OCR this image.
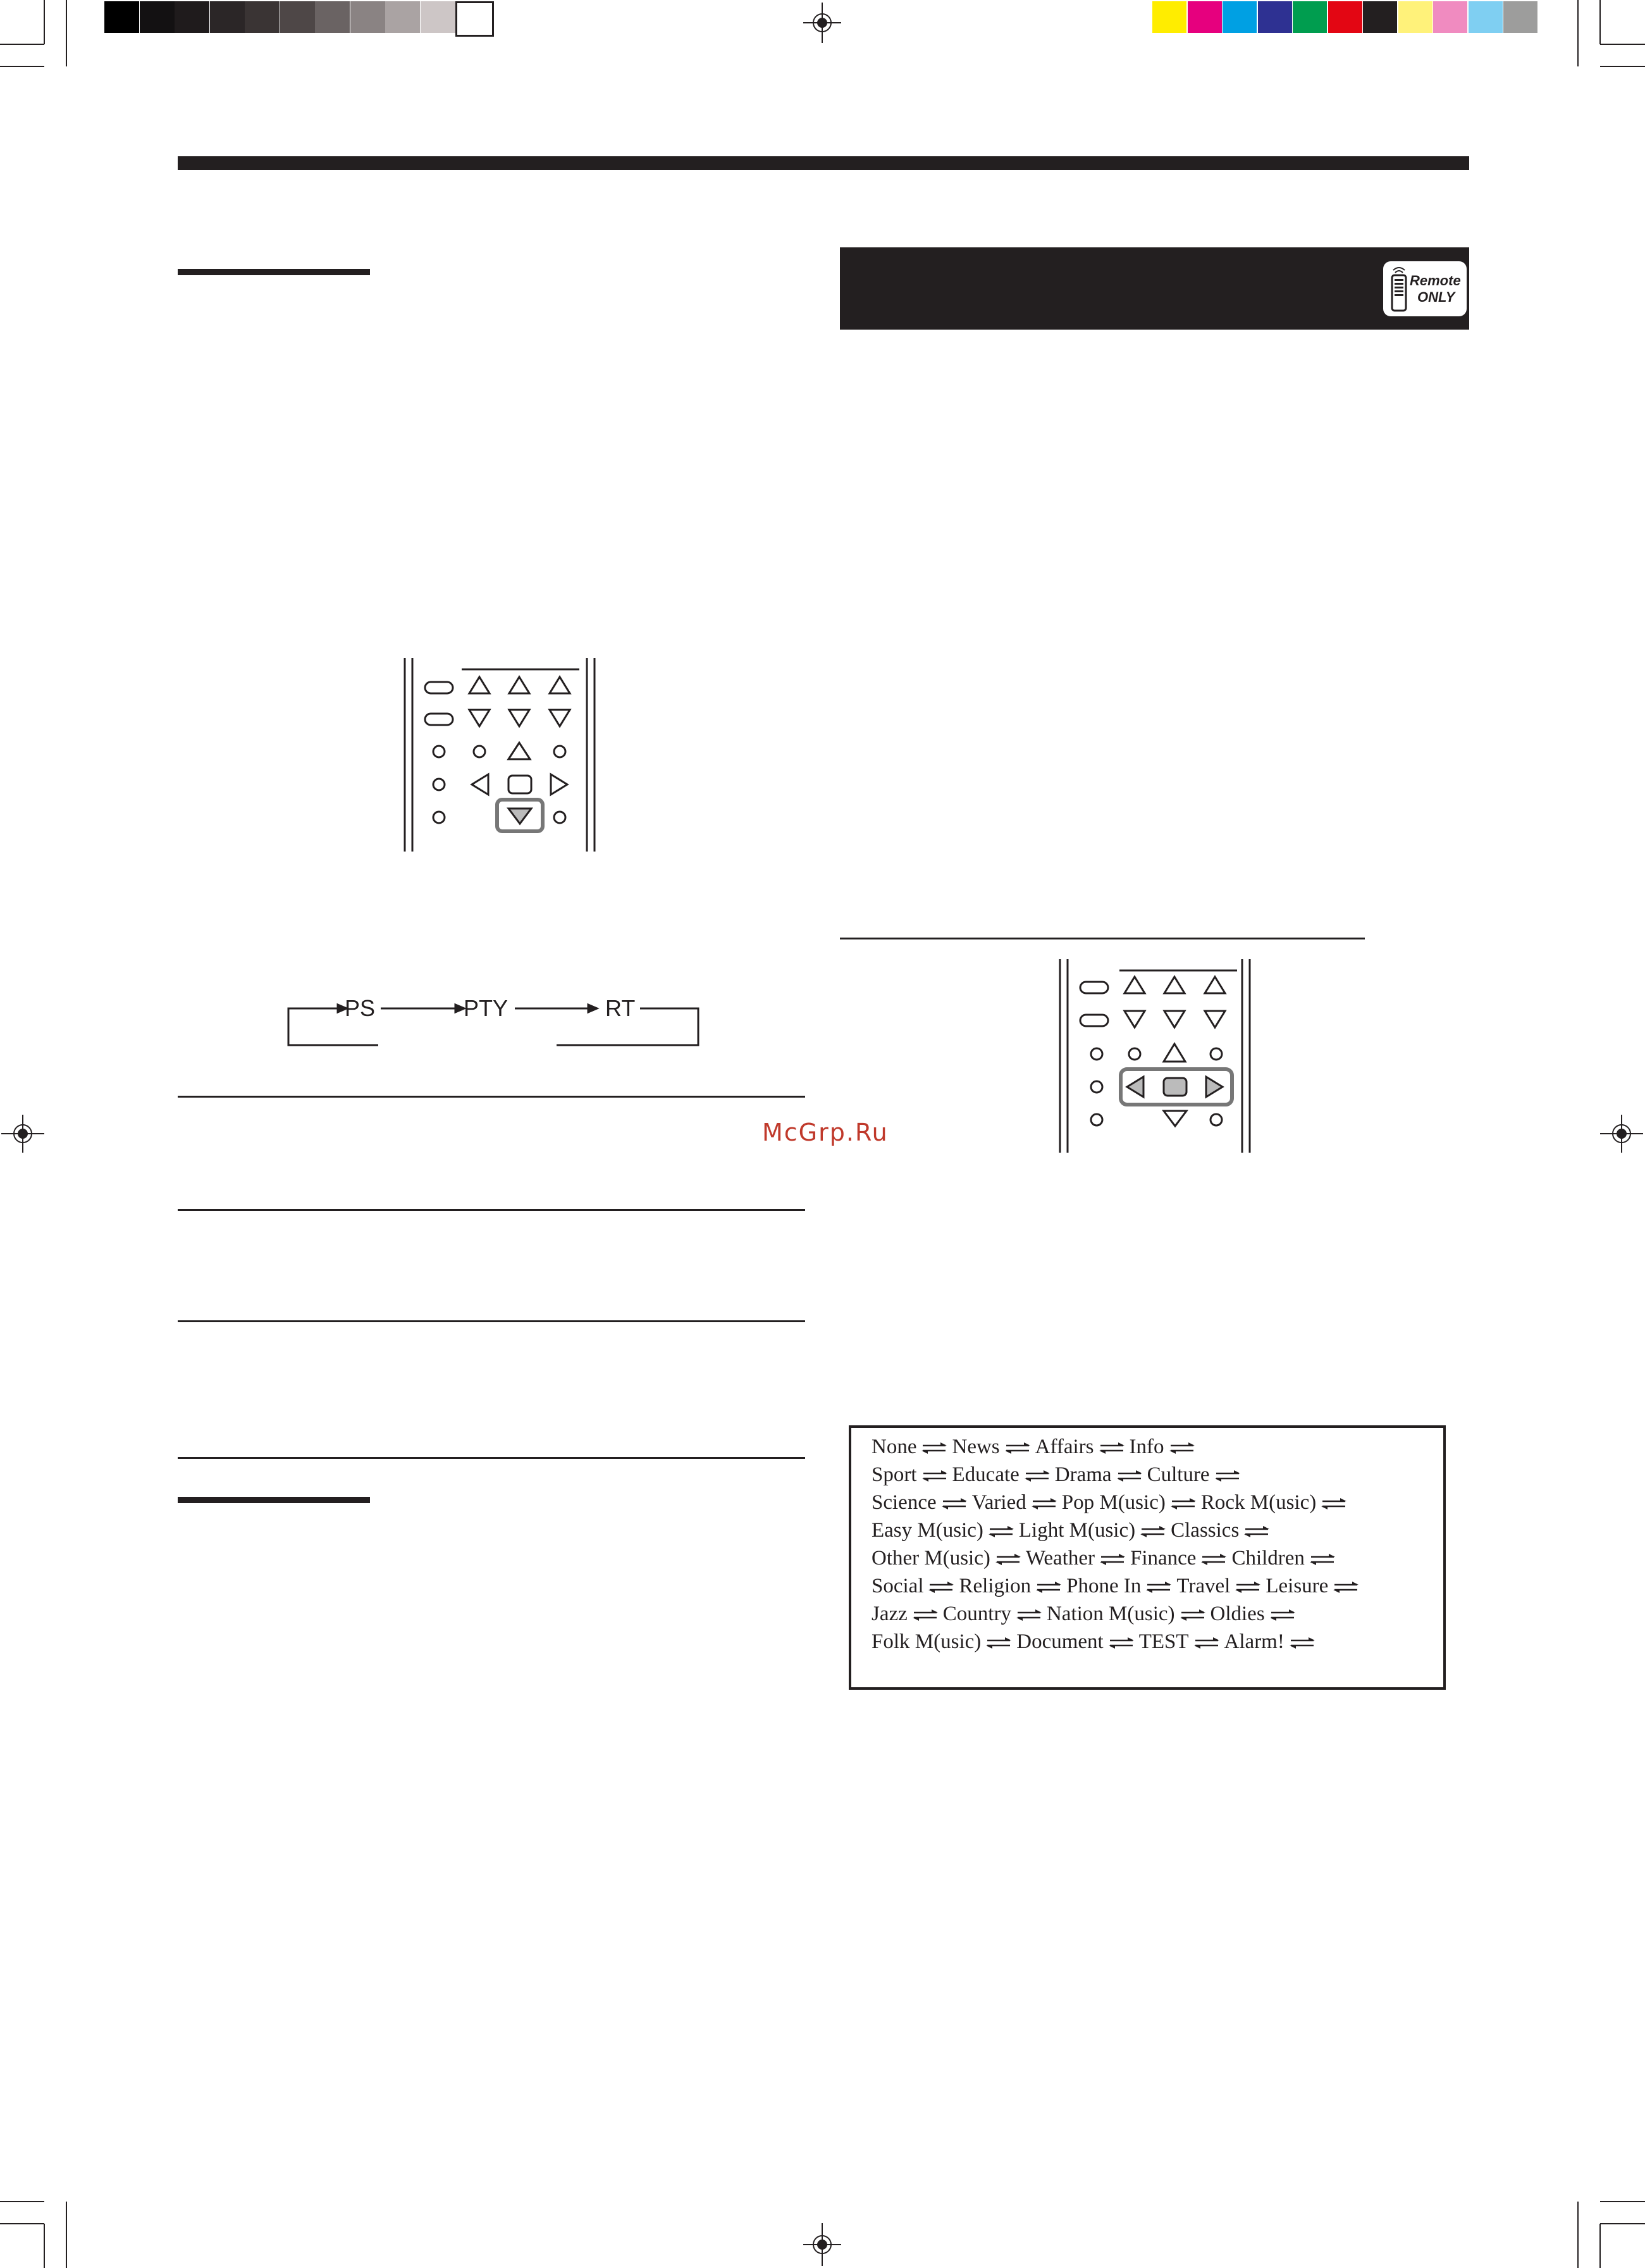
Remote
ONLY
PS	PTY	RT
McGrp.Ru
None News Affairs Info
Sport Educate Drama Culture
Science Varied Pop M(usic) Rock M(usic)
Easy M(usic) Light M(usic) Classics
Other M(usic) Weather Finance Children
Social Religion Phone In Travel Leisure
Jazz Country Nation M(usic) Oldies
Folk M(usic) Document TEST Alarm!
